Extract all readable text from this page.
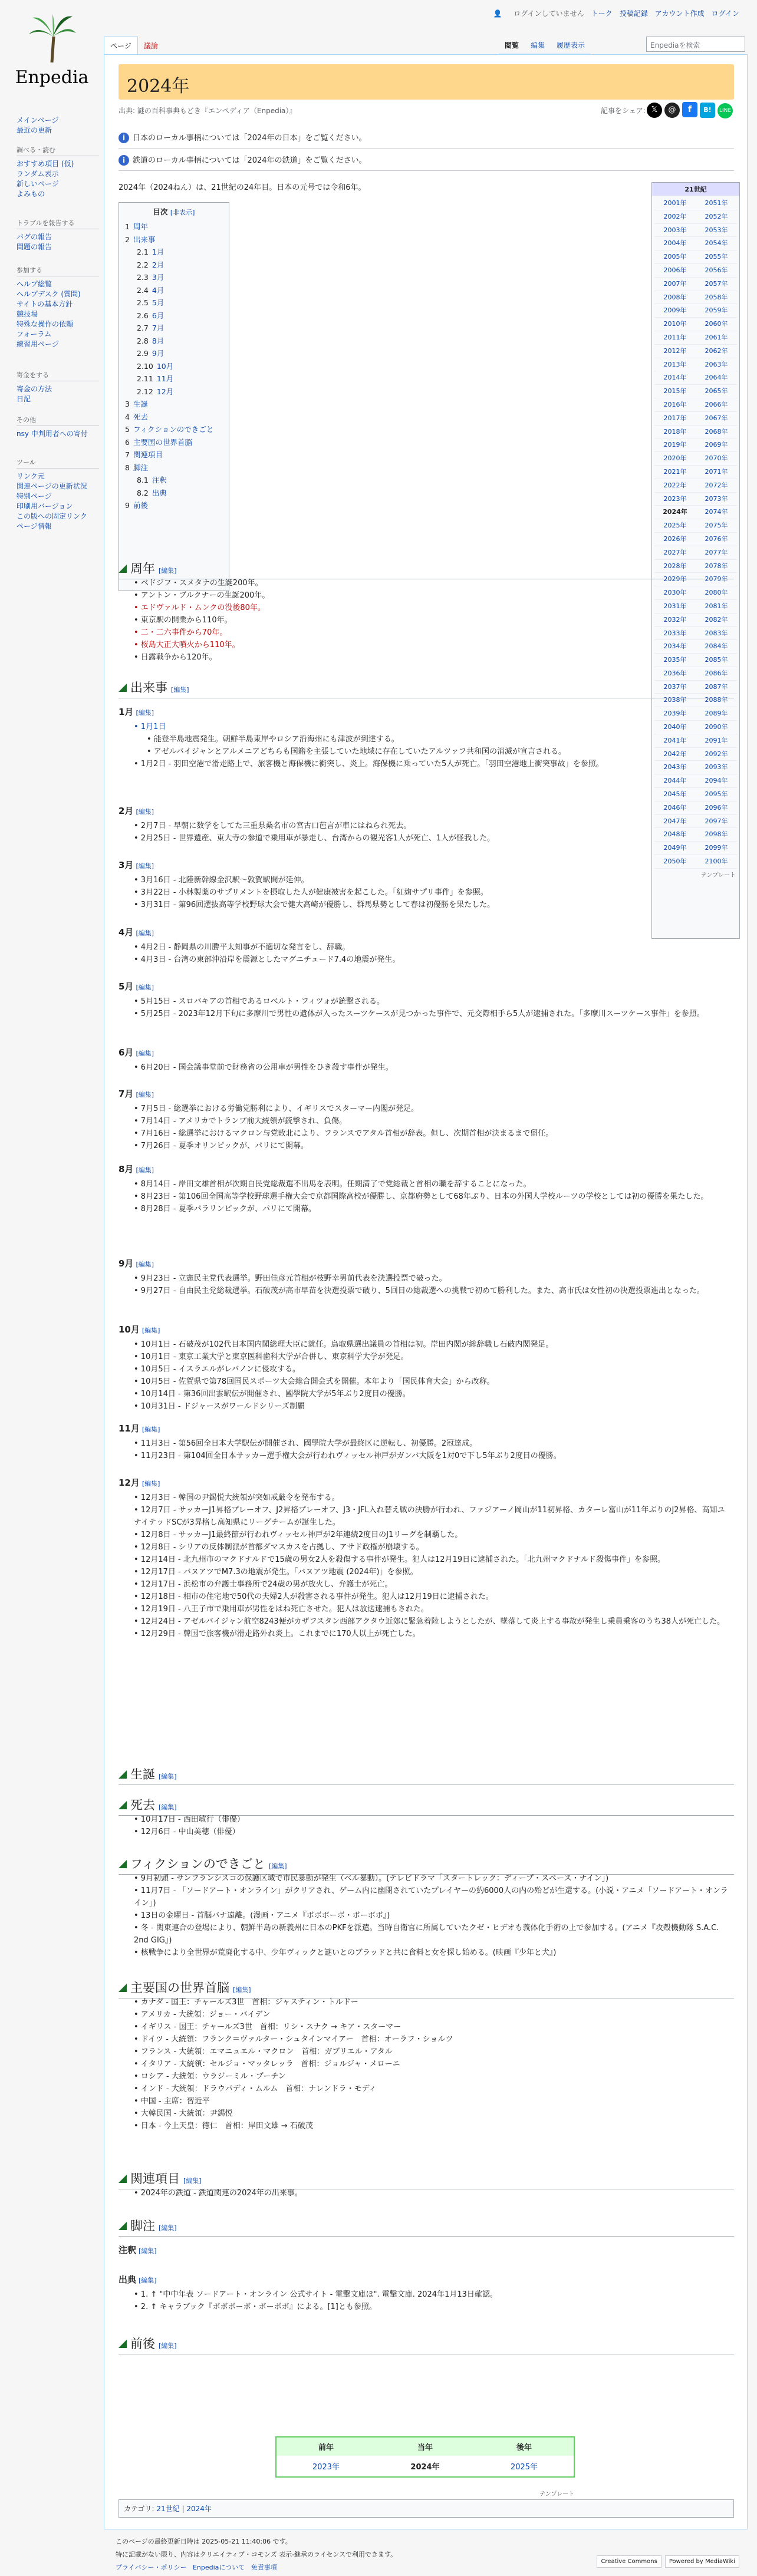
Enpedia
メインページ
最近の更新
調べる・読む
おすすめ項目 (仮)
ランダム表示
新しいページ
よみもの
トラブルを報告する
バグの報告
問題の報告
参加する
ヘルプ総覧
ヘルプデスク (質問)
サイトの基本方針
競技場
特殊な操作の依頼
フォーラム
練習用ページ
寄金をする
寄金の方法
日記
その他
nsy 中判用者への寄付
ツール
リンク元
関連ページの更新状況
特別ページ
印刷用バージョン
この版への固定リンク
ページ情報
👤 ログインしていません トーク 投稿記録 アカウント作成 ログイン
ページ 議論	閲覧 編集 履歴表示	Enpediaを検索
2024年
出典: 謎の百科事典もどき『エンペディア（Enpedia）』	記事をシェア: 𝕏 @ f B! LINE
i 日本のローカル事柄については「2024年の日本」をご覧ください。
i 鉄道のローカル事柄については「2024年の鉄道」をご覧ください。
2024年（2024ねん）は、21世紀の24年目。日本の元号では令和6年。
目次 [非表示]
1 周年
2 出来事
2.1 1月
2.2 2月
2.3 3月
2.4 4月
2.5 5月
2.6 6月
2.7 7月
2.8 8月
2.9 9月
2.10 10月
2.11 11月
2.12 12月
3 生誕
4 死去
5 フィクションのできごと
6 主要国の世界首脳
7 関連項目
8 脚注
8.1 注釈
8.2 出典
9 前後
21世紀
2001年	2051年
2002年	2052年
2003年	2053年
2004年	2054年
2005年	2055年
2006年	2056年
2007年	2057年
2008年	2058年
2009年	2059年
2010年	2060年
2011年	2061年
2012年	2062年
2013年	2063年
2014年	2064年
2015年	2065年
2016年	2066年
2017年	2067年
2018年	2068年
2019年	2069年
2020年	2070年
2021年	2071年
2022年	2072年
2023年	2073年
2024年	2074年
2025年	2075年
2026年	2076年
2027年	2077年
2028年	2078年
2029年	2079年
2030年	2080年
2031年	2081年
2032年	2082年
2033年	2083年
2034年	2084年
2035年	2085年
2036年	2086年
2037年	2087年
2038年	2088年
2039年	2089年
2040年	2090年
2041年	2091年
2042年	2092年
2043年	2093年
2044年	2094年
2045年	2095年
2046年	2096年
2047年	2097年
2048年	2098年
2049年	2099年
2050年	2100年
テンプレート
周年 [編集]
• ベドジフ・スメタナの生誕200年。
• アントン・ブルクナーの生誕200年。
• エドヴァルド・ムンクの没後80年。
• 東京駅の開業から110年。
• 二・二六事件から70年。
• 桜島大正大噴火から110年。
• 日露戦争から120年。
出来事 [編集]
1月 [編集]
• 1月1日
• 能登半島地震発生。朝鮮半島東岸やロシア沿海州にも津波が到達する。
• アゼルバイジャンとアルメニアどちらも国籍を主張していた地域に存在していたアルツァフ共和国の消滅が宣言される。
• 1月2日 - 羽田空港で滑走路上で、旅客機と海保機に衝突し、炎上。海保機に乗っていた5人が死亡。「羽田空港地上衝突事故」を参照。
2月 [編集]
• 2月7日 - 早朝に数学をしてた三重県桑名市の宮古口芭言が車にはねられ死去。
• 2月25日 - 世界遺産、東大寺の参道で乗用車が暴走し、台湾からの観光客1人が死亡、1人が怪我した。
3月 [編集]
• 3月16日 - 北陸新幹線金沢駅〜敦賀駅間が延伸。
• 3月22日 - 小林製薬のサプリメントを摂取した人が健康被害を起こした。「紅麹サプリ事件」を参照。
• 3月31日 - 第96回選抜高等学校野球大会で健大高崎が優勝し、群馬県勢として春は初優勝を果たした。
4月 [編集]
• 4月2日 - 静岡県の川勝平太知事が不適切な発言をし、辞職。
• 4月3日 - 台湾の東部沖沿岸を震源としたマグニチュード7.4の地震が発生。
5月 [編集]
• 5月15日 - スロバキアの首相であるロベルト・フィツォが銃撃される。
• 5月25日 - 2023年12月下旬に多摩川で男性の遺体が入ったスーツケースが見つかった事件で、元交際相手ら5人が逮捕された。「多摩川スーツケース事件」を参照。
6月 [編集]
• 6月20日 - 国会議事堂前で財務省の公用車が男性をひき殺す事件が発生。
7月 [編集]
• 7月5日 - 総選挙における労働党勝利により、イギリスでスターマー内閣が発足。
• 7月14日 - アメリカでトランプ前大統領が銃撃され、負傷。
• 7月16日 - 総選挙におけるマクロン与党敗北により、フランスでアタル首相が辞表。但し、次期首相が決まるまで留任。
• 7月26日 - 夏季オリンピックが、パリにて開幕。
8月 [編集]
• 8月14日 - 岸田文雄首相が次期自民党総裁選不出馬を表明。任期満了で党総裁と首相の職を辞することになった。
• 8月23日 - 第106回全国高等学校野球選手権大会で京都国際高校が優勝し、京都府勢として68年ぶり、日本の外国人学校ルーツの学校としては初の優勝を果たした。
• 8月28日 - 夏季パラリンピックが、パリにて開幕。
9月 [編集]
• 9月23日 - 立憲民主党代表選挙。野田佳彦元首相が枝野幸男前代表を決選投票で破った。
• 9月27日 - 自由民主党総裁選挙。石破茂が高市早苗を決選投票で破り、5回目の総裁選への挑戦で初めて勝利した。また、高市氏は女性初の決選投票進出となった。
10月 [編集]
• 10月1日 - 石破茂が102代目本国内閣総理大臣に就任。鳥取県選出議員の首相は初。岸田内閣が総辞職し石破内閣発足。
• 10月1日 - 東京工業大学と東京医科歯科大学が合併し、東京科学大学が発足。
• 10月5日 - イスラエルがレバノンに侵攻する。
• 10月5日 - 佐賀県で第78回国民スポーツ大会総合開会式を開催。本年より「国民体育大会」から改称。
• 10月14日 - 第36回出雲駅伝が開催され、國學院大学が5年ぶり2度目の優勝。
• 10月31日 - ドジャースがワールドシリーズ制覇
11月 [編集]
• 11月3日 - 第56回全日本大学駅伝が開催され、國學院大学が最終区に逆転し、初優勝。2冠達成。
• 11月23日 - 第104回全日本サッカー選手権大会が行われヴィッセル神戸がガンバ大阪を1対0で下し5年ぶり2度目の優勝。
12月 [編集]
• 12月3日 - 韓国の尹錫悦大統領が突如戒厳令を発布する。
• 12月7日 - サッカーJ1昇格プレーオフ、J2昇格プレーオフ、J3・JFL入れ替え戦の決勝が行われ、ファジアーノ岡山が11初昇格、カターレ富山が11年ぶりのJ2昇格、高知ユナイテッドSCが3昇格し高知県にリーグチームが誕生した。
• 12月8日 - サッカーJ1最終節が行われヴィッセル神戸が2年連続2度目のJ1リーグを制覇した。
• 12月8日 - シリアの反体制派が首都ダマスカスを占拠し、アサド政権が崩壊する。
• 12月14日 - 北九州市のマクドナルドで15歳の男女2人を殺傷する事件が発生。犯人は12月19日に逮捕された。「北九州マクドナルド殺傷事件」を参照。
• 12月17日 - バヌアツでM7.3の地震が発生。「バヌアツ地震 (2024年)」を参照。
• 12月17日 - 浜松市の弁護士事務所で24歳の男が放火し、弁護士が死亡。
• 12月18日 - 相市の住宅地で50代の夫婦2人が殺害される事件が発生。犯人は12月19日に逮捕された。
• 12月19日 - 八王子市で乗用車が男性をはね死亡させた。犯人は放送逮捕もされた。
• 12月24日 - アゼルバイジャン航空8243便がカザフスタン西部アクタウ近郊に緊急着陸しようとしたが、墜落して炎上する事故が発生し乗員乗客のうち38人が死亡した。
• 12月29日 - 韓国で旅客機が滑走路外れ炎上。これまでに170人以上が死亡した。
生誕 [編集]
死去 [編集]
• 10月17日 - 西田敏行（俳優）
• 12月6日 - 中山美穂（俳優）
フィクションのできごと [編集]
• 9月初頭 - サンフランシスコの保護区域で市民暴動が発生（ベル暴動）。(テレビドラマ「スタートレック：ディープ・スペース・ナイン」)
• 11月7日 - 「ソードアート・オンライン」がクリアされ、ゲーム内に幽閉されていたプレイヤーの約6000人の内の殆どが生還する。(小説・アニメ「ソードアート・オンライン」)
• 13日の金曜日 - 首脳バナ遠離。(漫画・アニメ『ボボボーボ・ボーボボ』)
• 冬 - 関東連合の登場により、朝鮮半島の新義州に日本のPKFを派遣。当時自衛官に所属していたクゼ・ヒデオも義体化手術の上で参加する。(アニメ『攻殻機動隊 S.A.C. 2nd GIG』)
• 核戦争により全世界が荒廃化する中、少年ヴィックと謎いとのブラッドと共に食料と女を探し始める。(映画『少年と犬』)
主要国の世界首脳 [編集]
• カナダ - 国王：チャールズ3世　首相：ジャスティン・トルドー
• アメリカ - 大統領：ジョー・バイデン
• イギリス - 国王：チャールズ3世　首相：リシ・スナク → キア・スターマー
• ドイツ - 大統領：フランク＝ヴァルター・シュタインマイアー　首相：オーラフ・ショルツ
• フランス - 大統領：エマニュエル・マクロン　首相：ガブリエル・アタル
• イタリア - 大統領：セルジョ・マッタレッラ　首相：ジョルジャ・メローニ
• ロシア - 大統領：ウラジーミル・プーチン
• インド - 大統領：ドラウパディ・ムルム　首相：ナレンドラ・モディ
• 中国 - 主席：習近平
• 大韓民国 - 大統領：尹錫悦
• 日本 - 今上天皇：徳仁　首相：岸田文雄 → 石破茂
関連項目 [編集]
• 2024年の鉄道 - 鉄道関連の2024年の出来事。
脚注 [編集]
注釈 [編集]
出典 [編集]
• 1. ↑ "中中年表 ソードアート・オンライン 公式サイト - 電撃文庫ほ". 電撃文庫. 2024年1月13日確認。
• 2. ↑ キャラブック『ボボボーボ・ボーボボ』による。[1]とも参照。
前後 [編集]
前年	当年	後年
2023年	2024年	2025年
テンプレート
カテゴリ: 21世紀 | 2024年
このページの最終更新日時は 2025-05-21 11:40:06 です。
特に記載がない限り、内容はクリエイティブ・コモンズ 表示-継承のライセンスで利用できます。
プライバシー・ポリシー Enpediaについて 免責事項
Creative Commons Powered by MediaWiki
